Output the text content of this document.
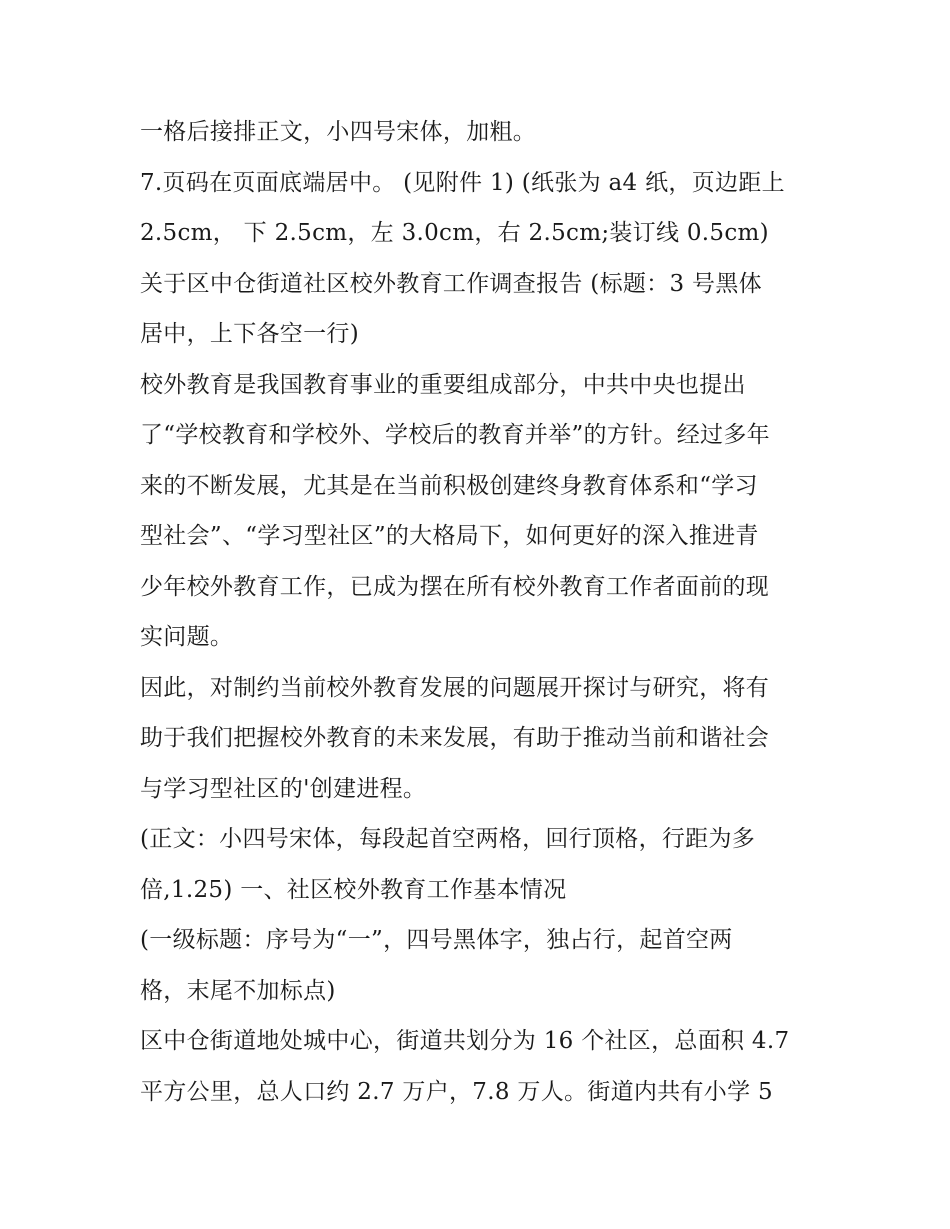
一格后接排正文，小四号宋体，加粗。
7.页码在页面底端居中。 (见附件 1) (纸张为 a4 纸，页边距上
2.5cm， 下 2.5cm，左 3.0cm，右 2.5cm;装订线 0.5cm)
关于区中仓街道社区校外教育工作调查报告 (标题：3 号黑体
居中，上下各空一行)
校外教育是我国教育事业的重要组成部分，中共中央也提出
了“学校教育和学校外、学校后的教育并举”的方针。经过多年
来的不断发展，尤其是在当前积极创建终身教育体系和“学习
型社会”、“学习型社区”的大格局下，如何更好的深入推进青
少年校外教育工作，已成为摆在所有校外教育工作者面前的现
实问题。
因此，对制约当前校外教育发展的问题展开探讨与研究，将有
助于我们把握校外教育的未来发展，有助于推动当前和谐社会
与学习型社区的'创建进程。
(正文：小四号宋体，每段起首空两格，回行顶格，行距为多
倍,1.25) 一、社区校外教育工作基本情况
(一级标题：序号为“一”，四号黑体字，独占行，起首空两
格，末尾不加标点)
区中仓街道地处城中心，街道共划分为 16 个社区，总面积 4.7
平方公里，总人口约 2.7 万户，7.8 万人。街道内共有小学 5
